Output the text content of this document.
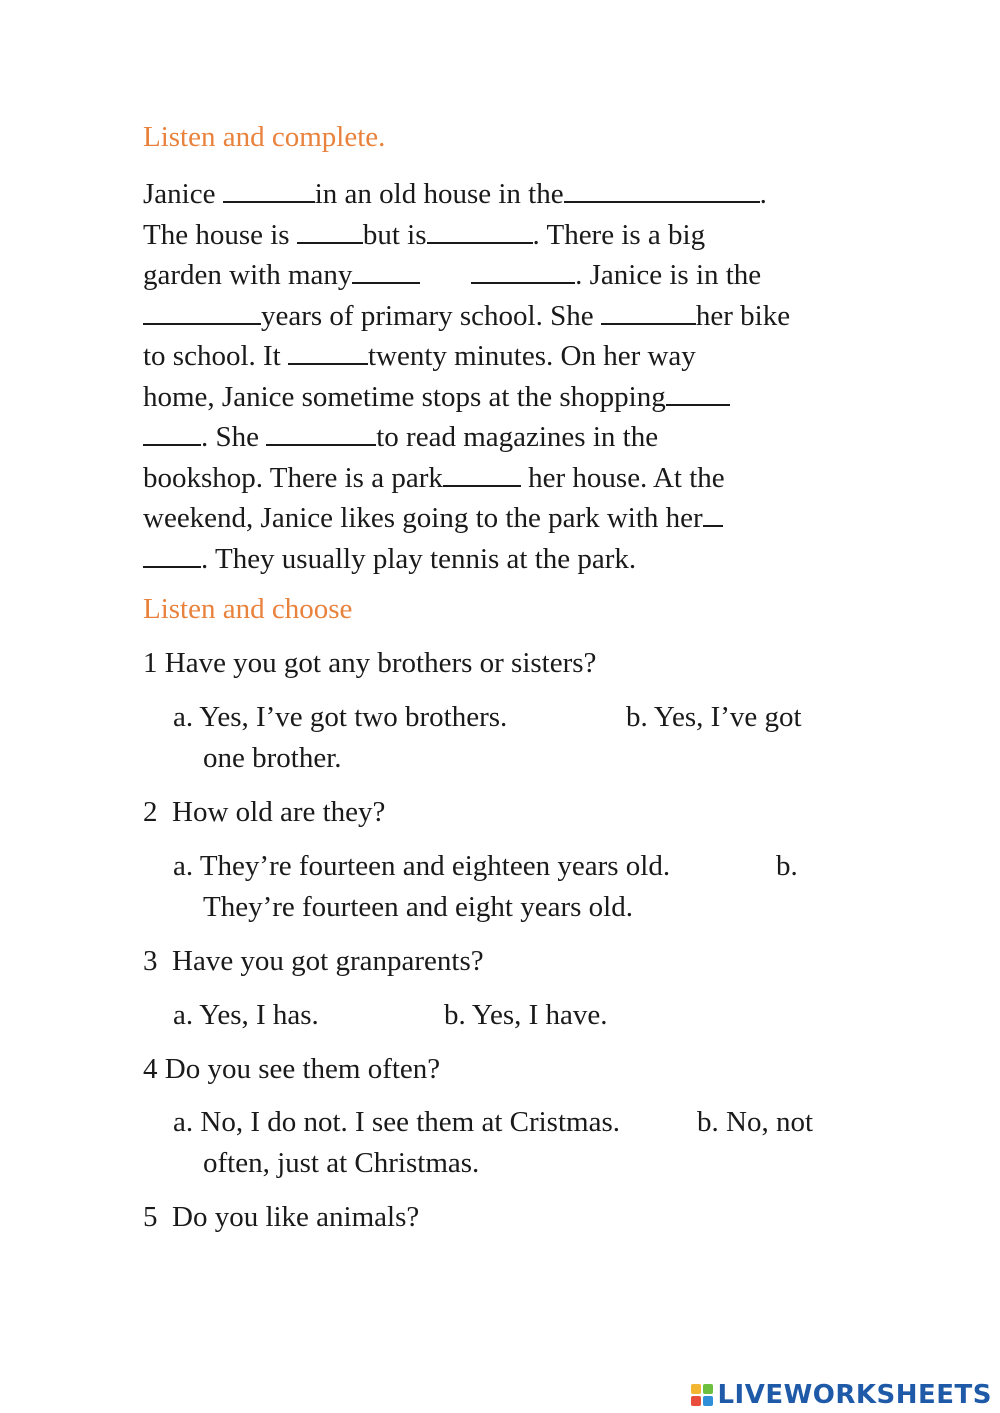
Listen and complete.
Janice	in an old house in the	.
The house is but is	. There is a big
garden with many	. Janice is in the
years of primary school. She	her bike
to school. It	twenty minutes. On her way
home, Janice sometime stops at the shopping
. She	to read magazines in the
bookshop. There is a park	her house. At the
weekend, Janice likes going to the park with her
. They usually play tennis at the park.
Listen and choose
1 Have you got any brothers or sisters?
a. Yes, I’ve got two brothers.	b. Yes, I’ve got
one brother.
2  How old are they?
a. They’re fourteen and eighteen years old.	b.
They’re fourteen and eight years old.
3  Have you got granparents?
a. Yes, I has.	b. Yes, I have.
4 Do you see them often?
a. No, I do not. I see them at Cristmas.	b. No, not
often, just at Christmas.
5  Do you like animals?
LIVEWORKSHEETS
